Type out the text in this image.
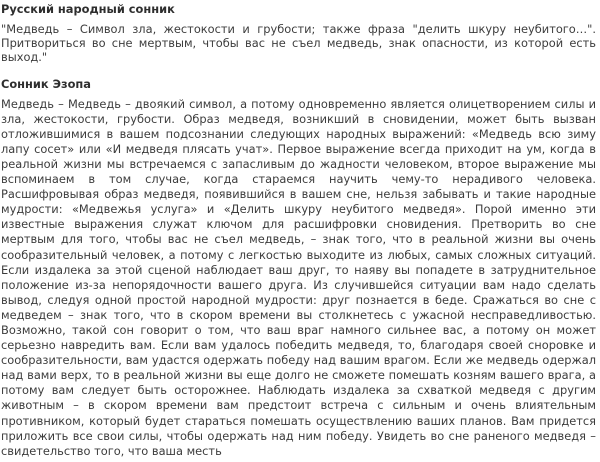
Русский народный сонник
"Медведь – Символ зла, жестокости и грубости; также фраза "делить шкуру неубитого…". Притвориться во сне мертвым, чтобы вас не съел медведь, знак опасности, из которой есть выход."
Сонник Эзопа
Медведь – Медведь – двоякий символ, а потому одновременно является олицетворением силы и зла, жестокости, грубости. Образ медведя, возникший в сновидении, может быть вызван отложившимися в вашем подсознании следующих народных выражений: «Медведь всю зиму лапу сосет» или «И медведя плясать учат». Первое выражение всегда приходит на ум, когда в реальной жизни мы встречаемся с запасливым до жадности человеком, второе выражение мы вспоминаем в том случае, когда стараемся научить чему-то нерадивого человека. Расшифровывая образ медведя, появившийся в вашем сне, нельзя забывать и такие народные мудрости: «Медвежья услуга» и «Делить шкуру неубитого медведя». Порой именно эти известные выражения служат ключом для расшифровки сновидения. Претворить во сне мертвым для того, чтобы вас не съел медведь, – знак того, что в реальной жизни вы очень сообразительный человек, а потому с легкостью выходите из любых, самых сложных ситуаций. Если издалека за этой сценой наблюдает ваш друг, то наяву вы попадете в затруднительное положение из-за непорядочности вашего друга. Из случившейся ситуации вам надо сделать вывод, следуя одной простой народной мудрости: друг познается в беде. Сражаться во сне с медведем – знак того, что в скором времени вы столкнетесь с ужасной несправедливостью. Возможно, такой сон говорит о том, что ваш враг намного сильнее вас, а потому он может серьезно навредить вам. Если вам удалось победить медведя, то, благодаря своей сноровке и сообразительности, вам удастся одержать победу над вашим врагом. Если же медведь одержал над вами верх, то в реальной жизни вы еще долго не сможете помешать козням вашего врага, а потому вам следует быть осторожнее. Наблюдать издалека за схваткой медведя с другим животным – в скором времени вам предстоит встреча с сильным и очень влиятельным противником, который будет стараться помешать осуществлению ваших планов. Вам придется приложить все свои силы, чтобы одержать над ним победу. Увидеть во сне раненого медведя – свидетельство того, что ваша месть
